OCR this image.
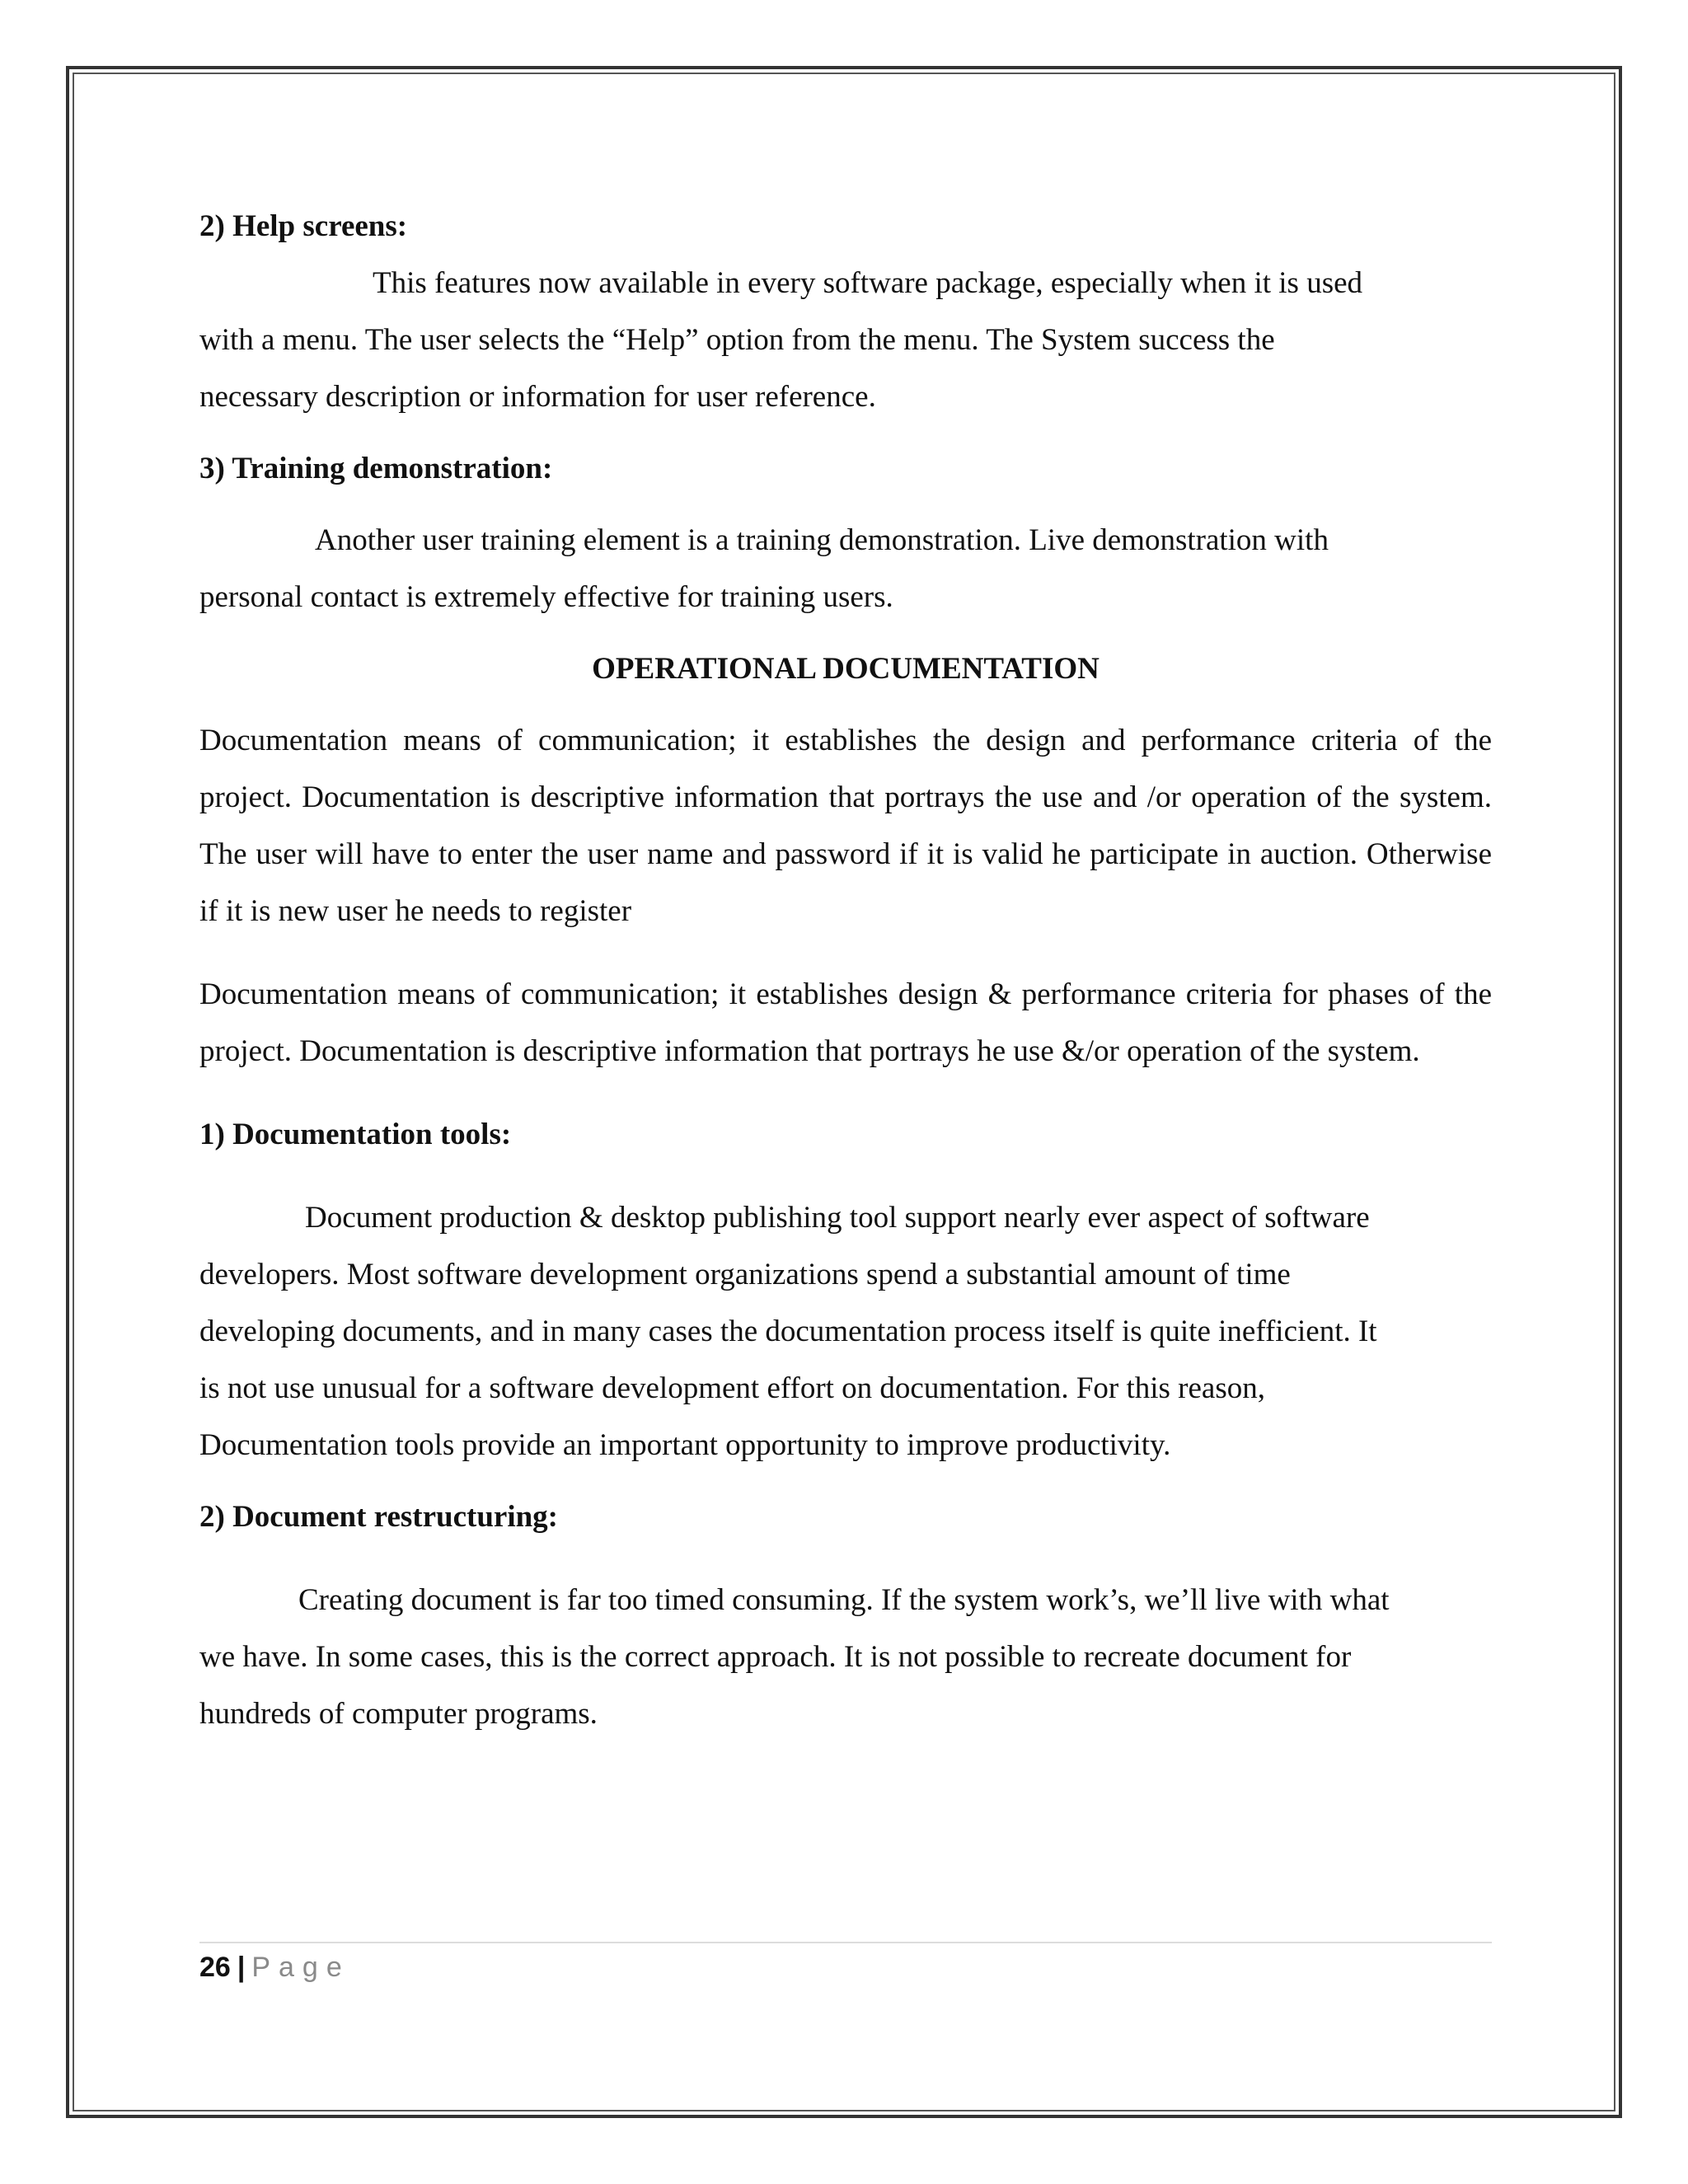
2) Help screens:

This features now available in every software package, especially when it is used

with a menu. The user selects the “Help” option from the menu. The System success the

necessary description or information for user reference.

3) Training demonstration:

Another user training element is a training demonstration. Live demonstration with

personal contact is extremely effective for training users.

OPERATIONAL DOCUMENTATION

Documentation means of communication; it establishes the design and performance criteria of the project. Documentation is descriptive information that portrays the use and /or operation of the system. The user will have to enter the user name and password if it is valid he participate in auction. Otherwise if it is new user he needs to register

Documentation means of communication; it establishes design & performance criteria for phases of the project. Documentation is descriptive information that portrays he use &/or operation of the system.

1) Documentation tools:

Document production & desktop publishing tool support nearly ever aspect of software

developers. Most software development organizations spend a substantial amount of time

developing documents, and in many cases the documentation process itself is quite inefficient. It

is not use unusual for a software development effort on documentation. For this reason,

Documentation tools provide an important opportunity to improve productivity.

2) Document restructuring:

Creating document is far too timed consuming. If the system work’s, we’ll live with what

we have. In some cases, this is the correct approach. It is not possible to recreate document for

hundreds of computer programs.

26 | Page
